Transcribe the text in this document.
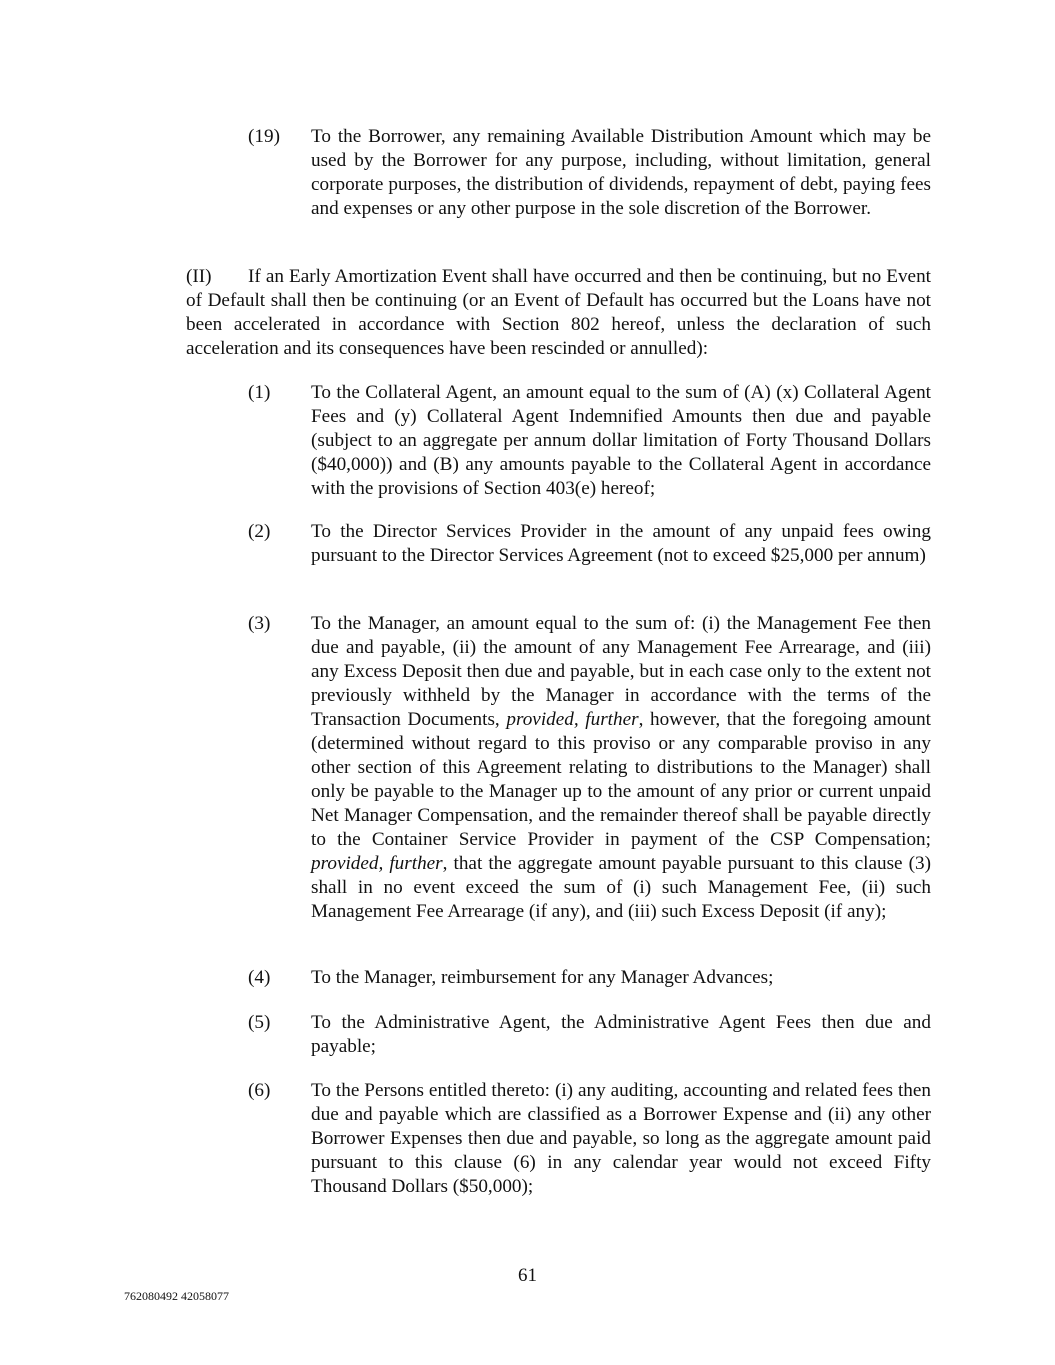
(19) To the Borrower, any remaining Available Distribution Amount which may be used by the Borrower for any purpose, including, without limitation, general corporate purposes, the distribution of dividends, repayment of debt, paying fees and expenses or any other purpose in the sole discretion of the Borrower.
(II) If an Early Amortization Event shall have occurred and then be continuing, but no Event of Default shall then be continuing (or an Event of Default has occurred but the Loans have not been accelerated in accordance with Section 802 hereof, unless the declaration of such acceleration and its consequences have been rescinded or annulled):
(1) To the Collateral Agent, an amount equal to the sum of (A) (x) Collateral Agent Fees and (y) Collateral Agent Indemnified Amounts then due and payable (subject to an aggregate per annum dollar limitation of Forty Thousand Dollars ($40,000)) and (B) any amounts payable to the Collateral Agent in accordance with the provisions of Section 403(e) hereof;
(2) To the Director Services Provider in the amount of any unpaid fees owing pursuant to the Director Services Agreement (not to exceed $25,000 per annum)
(3) To the Manager, an amount equal to the sum of: (i) the Management Fee then due and payable, (ii) the amount of any Management Fee Arrearage, and (iii) any Excess Deposit then due and payable, but in each case only to the extent not previously withheld by the Manager in accordance with the terms of the Transaction Documents, provided, further, however, that the foregoing amount (determined without regard to this proviso or any comparable proviso in any other section of this Agreement relating to distributions to the Manager) shall only be payable to the Manager up to the amount of any prior or current unpaid Net Manager Compensation, and the remainder thereof shall be payable directly to the Container Service Provider in payment of the CSP Compensation; provided, further, that the aggregate amount payable pursuant to this clause (3) shall in no event exceed the sum of (i) such Management Fee, (ii) such Management Fee Arrearage (if any), and (iii) such Excess Deposit (if any);
(4) To the Manager, reimbursement for any Manager Advances;
(5) To the Administrative Agent, the Administrative Agent Fees then due and payable;
(6) To the Persons entitled thereto: (i) any auditing, accounting and related fees then due and payable which are classified as a Borrower Expense and (ii) any other Borrower Expenses then due and payable, so long as the aggregate amount paid pursuant to this clause (6) in any calendar year would not exceed Fifty Thousand Dollars ($50,000);
61
762080492 42058077
